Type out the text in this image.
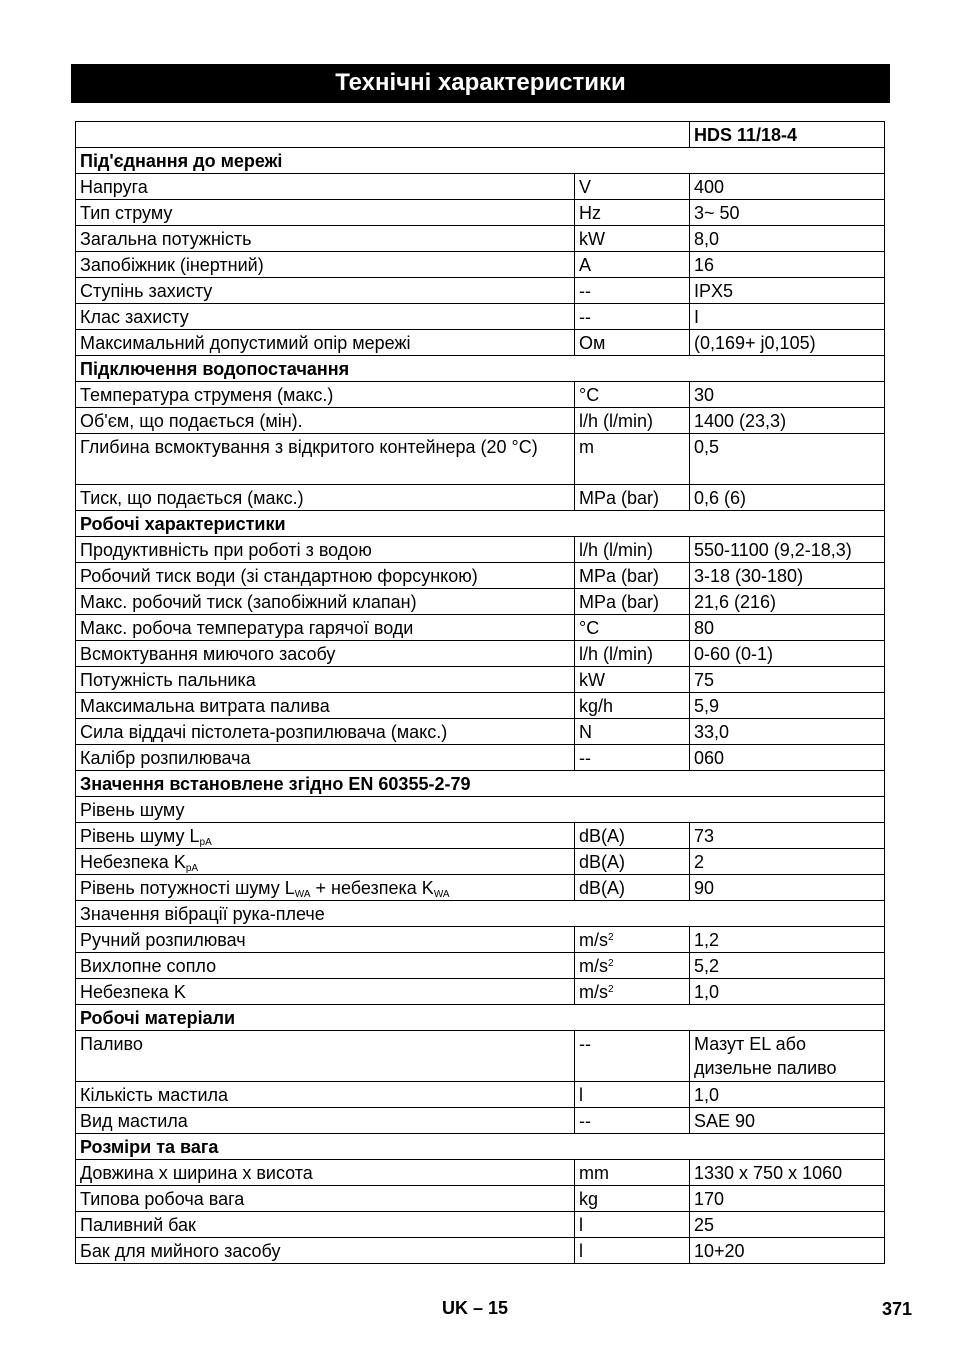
Технічні характеристики
		HDS 11/18-4
Під'єднання до мережі		
Напруга	V	400
Тип струму	Hz	3~ 50
Загальна потужність	kW	8,0
Запобіжник (інертний)	A	16
Ступінь захисту	--	IPX5
Клас захисту	--	I
Максимальний допустимий опір мережі	Ом	(0,169+ j0,105)
Підключення водопостачання		
Температура струменя (макс.)	°C	30
Об'єм, що подається (мін).	l/h (l/min)	1400 (23,3)
Глибина всмоктування з відкритого контейнера (20 °C)	m	0,5
Тиск, що подається (макс.)	MPa (bar)	0,6 (6)
Робочі характеристики		
Продуктивність при роботі з водою	l/h (l/min)	550-1100 (9,2-18,3)
Робочий тиск води (зі стандартною форсункою)	MPa (bar)	3-18 (30-180)
Макс. робочий тиск (запобіжний клапан)	MPa (bar)	21,6 (216)
Макс. робоча температура гарячої води	°C	80
Всмоктування миючого засобу	l/h (l/min)	0-60 (0-1)
Потужність пальника	kW	75
Максимальна витрата палива	kg/h	5,9
Сила віддачі пістолета-розпилювача (макс.)	N	33,0
Калібр розпилювача	--	060
Значення встановлене згідно EN 60355-2-79		
Рівень шуму		
Рівень шуму $L_{pA}$	dB(A)	73
Небезпека $K_{pA}$	dB(A)	2
Рівень потужності шуму $L_{WA}$ + небезпека $K_{WA}$	dB(A)	90
Значення вібрації рука-плече		
Ручний розпилювач	$m/s^2$	1,2
Вихлопне сопло	$m/s^2$	5,2
Небезпека K	$m/s^2$	1,0
Робочі матеріали		
Паливо	--	Мазут EL або дизельне паливо
Кількість мастила	l	1,0
Вид мастила	--	SAE 90
Розміри та вага		
Довжина x ширина x висота	mm	1330 x 750 x 1060
Типова робоча вага	kg	170
Паливний бак	l	25
Бак для мийного засобу	l	10+20
UK – 15	371
